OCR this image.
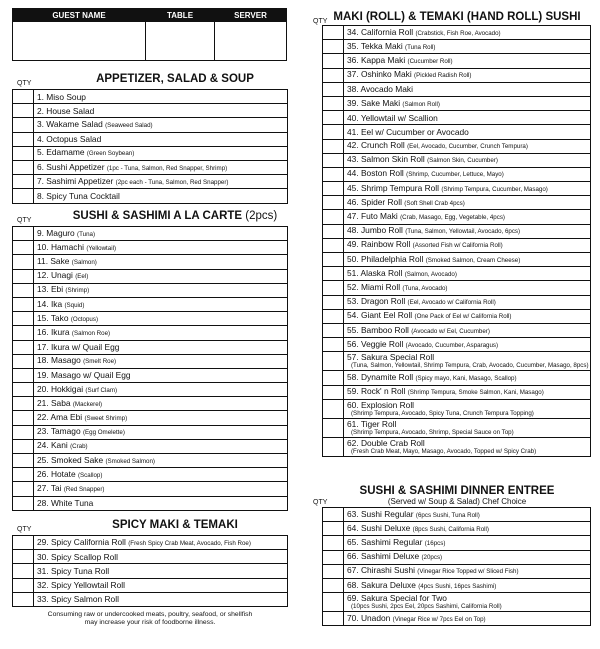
GUEST NAME	TABLE	SERVER

APPETIZER, SALAD & SOUP
QTY
	1. Miso Soup
	2. House Salad
	3. Wakame Salad (Seaweed Salad)
	4. Octopus Salad
	5. Edamame (Green Soybean)
	6. Sushi Appetizer (1pc - Tuna, Salmon, Red Snapper, Shrimp)
	7. Sashimi Appetizer (2pc each - Tuna, Salmon, Red Snapper)
	8. Spicy Tuna Cocktail
SUSHI & SASHIMI A LA CARTE (2pcs)
QTY
	9. Maguro (Tuna)
	10. Hamachi (Yellowtail)
	11. Sake (Salmon)
	12. Unagi (Eel)
	13. Ebi (Shrimp)
	14. Ika (Squid)
	15. Tako (Octopus)
	16. Ikura (Salmon Roe)
	17. Ikura w/ Quail Egg
	18. Masago (Smelt Roe)
	19. Masago w/ Quail Egg
	20. Hokkigai (Surf Clam)
	21. Saba (Mackerel)
	22. Ama Ebi (Sweet Shrimp)
	23. Tamago (Egg Omelette)
	24. Kani (Crab)
	25. Smoked Sake (Smoked Salmon)
	26. Hotate (Scallop)
	27. Tai (Red Snapper)
	28. White Tuna
SPICY MAKI & TEMAKI
QTY
	29. Spicy California Roll (Fresh Spicy Crab Meat, Avocado, Fish Roe)
	30. Spicy Scallop Roll
	31. Spicy Tuna Roll
	32. Spicy Yellowtail Roll
	33. Spicy Salmon Roll
Consuming raw or undercooked meats, poultry, seafood, or shellfish
may increase your risk of foodborne illness.
MAKI (ROLL) & TEMAKI (HAND ROLL) SUSHI
QTY
	34. California Roll (Crabstick, Fish Roe, Avocado)
	35. Tekka Maki (Tuna Roll)
	36. Kappa Maki (Cucumber Roll)
	37. Oshinko Maki (Pickled Radish Roll)
	38. Avocado Maki
	39. Sake Maki (Salmon Roll)
	40. Yellowtail w/ Scallion
	41. Eel w/ Cucumber or Avocado
	42. Crunch Roll (Eel, Avocado, Cucumber, Crunch Tempura)
	43. Salmon Skin Roll (Salmon Skin, Cucumber)
	44. Boston Roll (Shrimp, Cucumber, Lettuce, Mayo)
	45. Shrimp Tempura Roll (Shrimp Tempura, Cucumber, Masago)
	46. Spider Roll (Soft Shell Crab 4pcs)
	47. Futo Maki (Crab, Masago, Egg, Vegetable, 4pcs)
	48. Jumbo Roll (Tuna, Salmon, Yellowtail, Avocado, 6pcs)
	49. Rainbow Roll (Assorted Fish w/ California Roll)
	50. Philadelphia Roll (Smoked Salmon, Cream Cheese)
	51. Alaska Roll (Salmon, Avocado)
	52. Miami Roll (Tuna, Avocado)
	53. Dragon Roll (Eel, Avocado w/ California Roll)
	54. Giant Eel Roll (One Pack of Eel w/ California Roll)
	55. Bamboo Roll (Avocado w/ Eel, Cucumber)
	56. Veggie Roll (Avocado, Cucumber, Asparagus)
	57. Sakura Special Roll
(Tuna, Salmon, Yellowtail, Shrimp Tempura, Crab, Avocado, Cucumber, Masago, 8pcs)

	58. Dynamite Roll (Spicy mayo, Kani, Masago, Scallop)
	59. Rock' n Roll (Shrimp Tempura, Smoke Salmon, Kani, Masago)
	60. Explosion Roll
(Shrimp Tempura, Avocado, Spicy Tuna, Crunch Tempura Topping)

	61. Tiger Roll
(Shrimp Tempura, Avocado, Shrimp, Special Sauce on Top)

	62. Double Crab Roll
(Fresh Crab Meat, Mayo, Masago, Avocado, Topped w/ Spicy Crab)
SUSHI & SASHIMI DINNER ENTREE
(Served w/ Soup & Salad) Chef Choice
QTY
	63. Sushi Regular (6pcs Sushi, Tuna Roll)
	64. Sushi Deluxe (8pcs Sushi, California Roll)
	65. Sashimi Regular (16pcs)
	66. Sashimi Deluxe (20pcs)
	67. Chirashi Sushi (Vinegar Rice Topped w/ Sliced Fish)
	68. Sakura Deluxe (4pcs Sushi, 16pcs Sashimi)
	69. Sakura Special for Two
(10pcs Sushi, 2pcs Eel, 20pcs Sashimi, California Roll)

	70. Unadon (Vinegar Rice w/ 7pcs Eel on Top)
